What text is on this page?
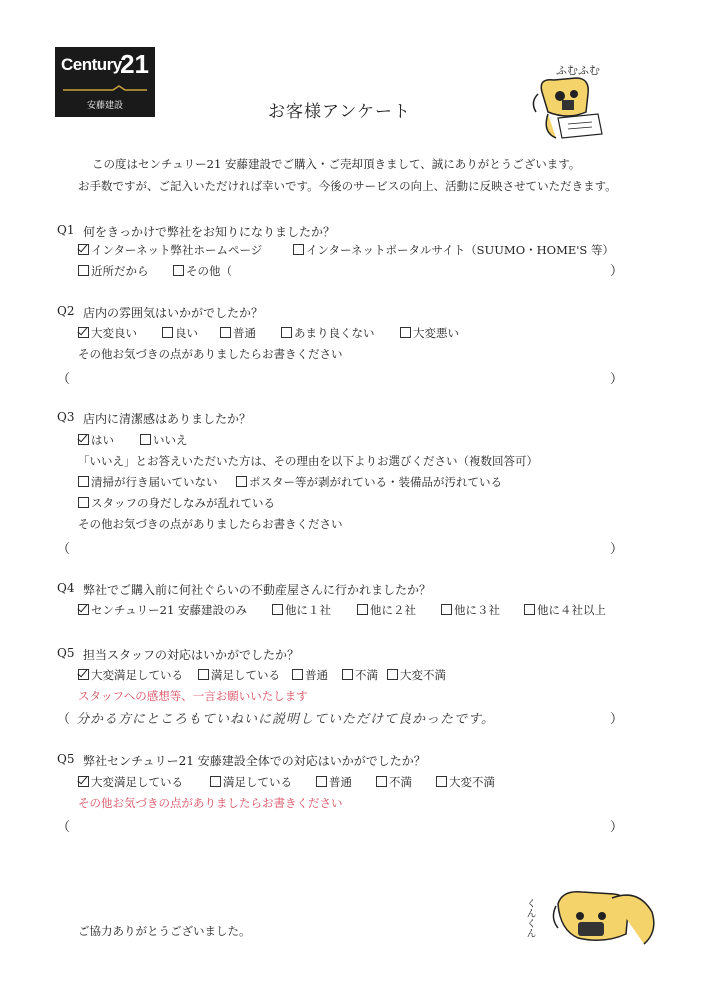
Century
21
安藤建設	お客様アンケート
ふむふむ
この度はセンチュリー21 安藤建設でご購入・ご売却頂きまして、誠にありがとうございます。
お手数ですが、ご記入いただければ幸いです。今後のサービスの向上、活動に反映させていただきます。
Q1 何をきっかけで弊社をお知りになりましたか？
インターネット弊社ホームページ	インターネットポータルサイト（SUUMO・HOME'S 等）
近所だから	その他（	）
Q2 店内の雰囲気はいかがでしたか？
大変良い	良い	普通	あまり良くない	大変悪い
その他お気づきの点がありましたらお書きください
（	）
Q3 店内に清潔感はありましたか？
はい	いいえ
「いいえ」とお答えいただいた方は、その理由を以下よりお選びください（複数回答可）
清掃が行き届いていない	ポスター等が剥がれている・装備品が汚れている
スタッフの身だしなみが乱れている
その他お気づきの点がありましたらお書きください
（	）
Q4 弊社でご購入前に何社ぐらいの不動産屋さんに行かれましたか？
センチュリー21 安藤建設のみ	他に１社	他に２社	他に３社	他に４社以上
Q5 担当スタッフの対応はいかがでしたか？
大変満足している	満足している	普通	不満	大変不満
スタッフへの感想等、一言お願いいたします
（ 分かる方にところもていねいに説明していただけて良かったです。	）
Q5 弊社センチュリー21 安藤建設全体での対応はいかがでしたか？
大変満足している	満足している	普通	不満	大変不満
その他お気づきの点がありましたらお書きください
（	）
ご協力ありがとうございました。	くんくん
